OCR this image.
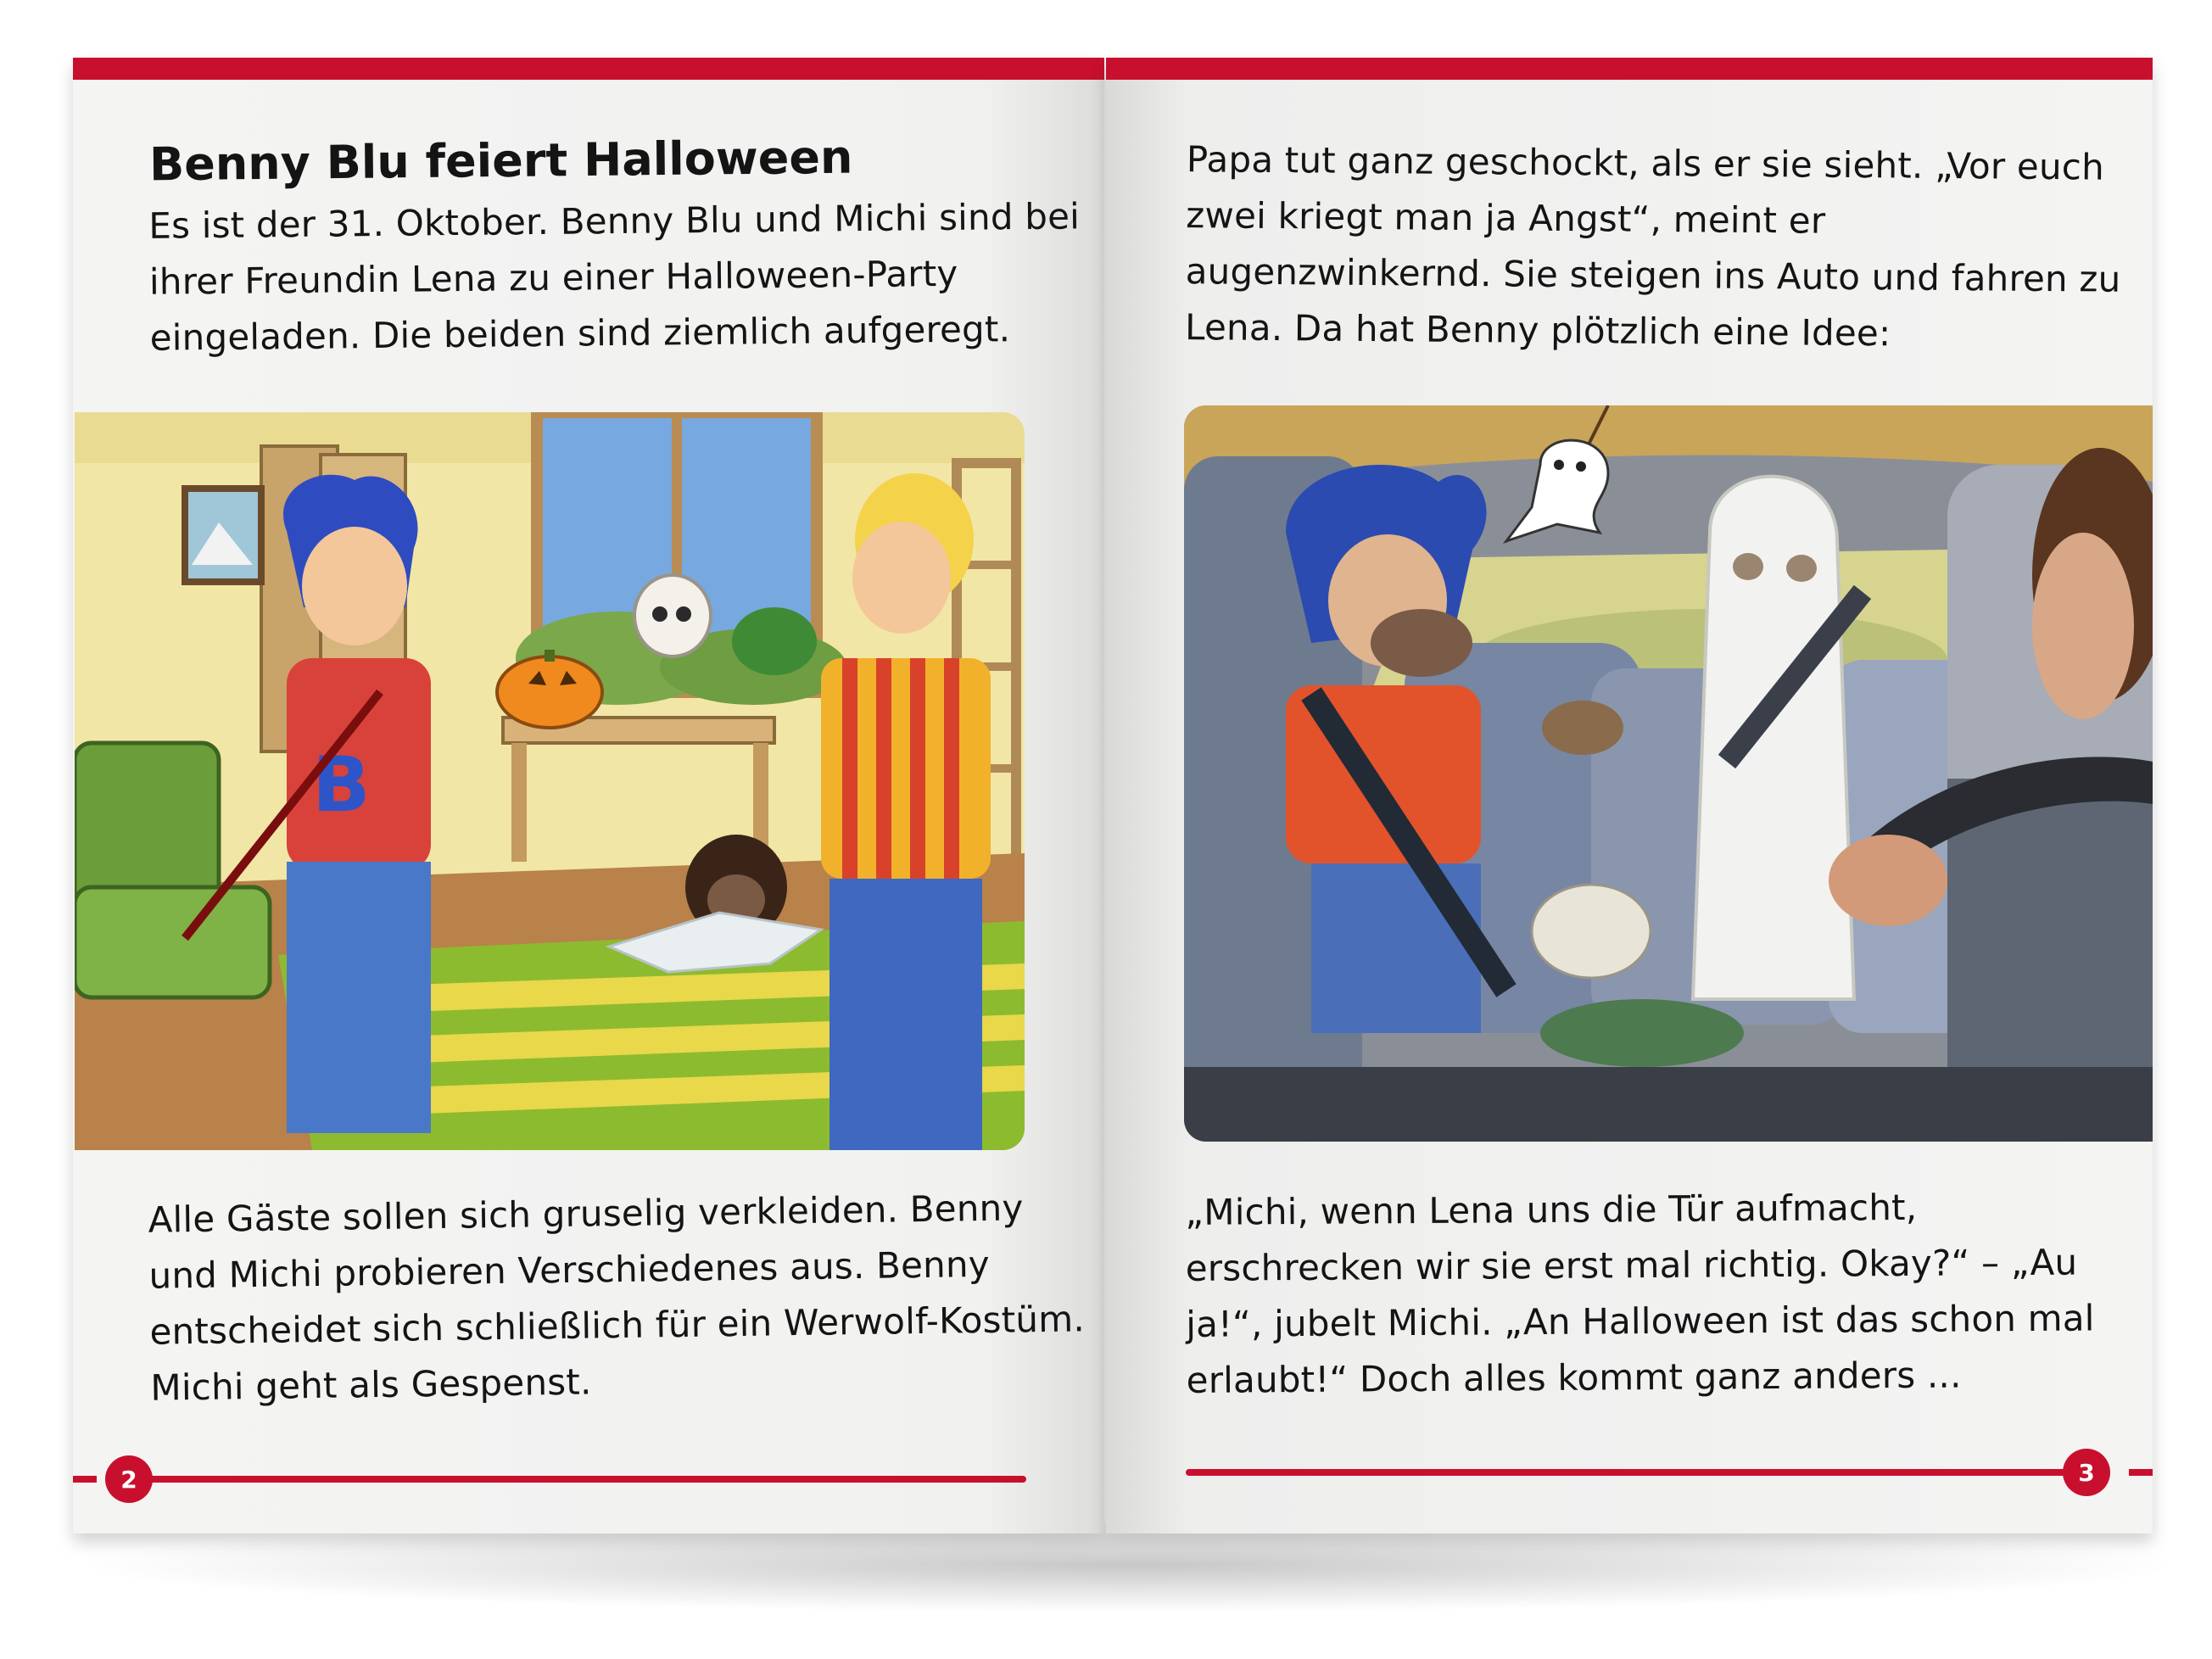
Benny Blu feiert Halloween

Es ist der 31. Oktober. Benny Blu und Michi sind bei ihrer Freundin Lena zu einer Halloween-Party eingeladen. Die beiden sind ziemlich aufgeregt.

B

Alle Gäste sollen sich gruselig verkleiden. Benny und Michi probieren Verschiedenes aus. Benny entscheidet sich schließlich für ein Werwolf-Kostüm. Michi geht als Gespenst.

2

Papa tut ganz geschockt, als er sie sieht. „Vor euch zwei kriegt man ja Angst“, meint er augenzwinkernd. Sie steigen ins Auto und fahren zu Lena. Da hat Benny plötzlich eine Idee:

„Michi, wenn Lena uns die Tür aufmacht, erschrecken wir sie erst mal richtig. Okay?“ – „Au ja!“, jubelt Michi. „An Halloween ist das schon mal erlaubt!“ Doch alles kommt ganz anders ...

3
